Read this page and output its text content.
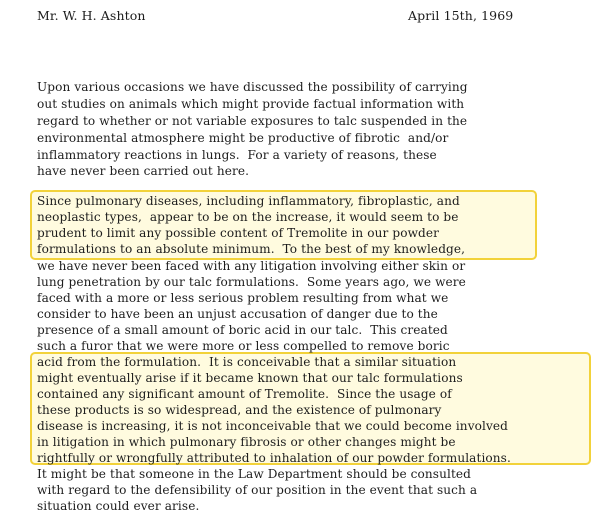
Mr. W. H. Ashton	April 15th, 1969
Upon various occasions we have discussed the possibility of carrying
out studies on animals which might provide factual information with
regard to whether or not variable exposures to talc suspended in the
environmental atmosphere might be productive of fibrotic  and/or
inflammatory reactions in lungs.  For a variety of reasons, these
have never been carried out here.
Since pulmonary diseases, including inflammatory, fibroplastic, and
neoplastic types,  appear to be on the increase, it would seem to be
prudent to limit any possible content of Tremolite in our powder
formulations to an absolute minimum.  To the best of my knowledge,
we have never been faced with any litigation involving either skin or
lung penetration by our talc formulations.  Some years ago, we were
faced with a more or less serious problem resulting from what we
consider to have been an unjust accusation of danger due to the
presence of a small amount of boric acid in our talc.  This created
such a furor that we were more or less compelled to remove boric
acid from the formulation.  It is conceivable that a similar situation
might eventually arise if it became known that our talc formulations
contained any significant amount of Tremolite.  Since the usage of
these products is so widespread, and the existence of pulmonary
disease is increasing, it is not inconceivable that we could become involved
in litigation in which pulmonary fibrosis or other changes might be
rightfully or wrongfully attributed to inhalation of our powder formulations.
It might be that someone in the Law Department should be consulted
with regard to the defensibility of our position in the event that such a
situation could ever arise.
